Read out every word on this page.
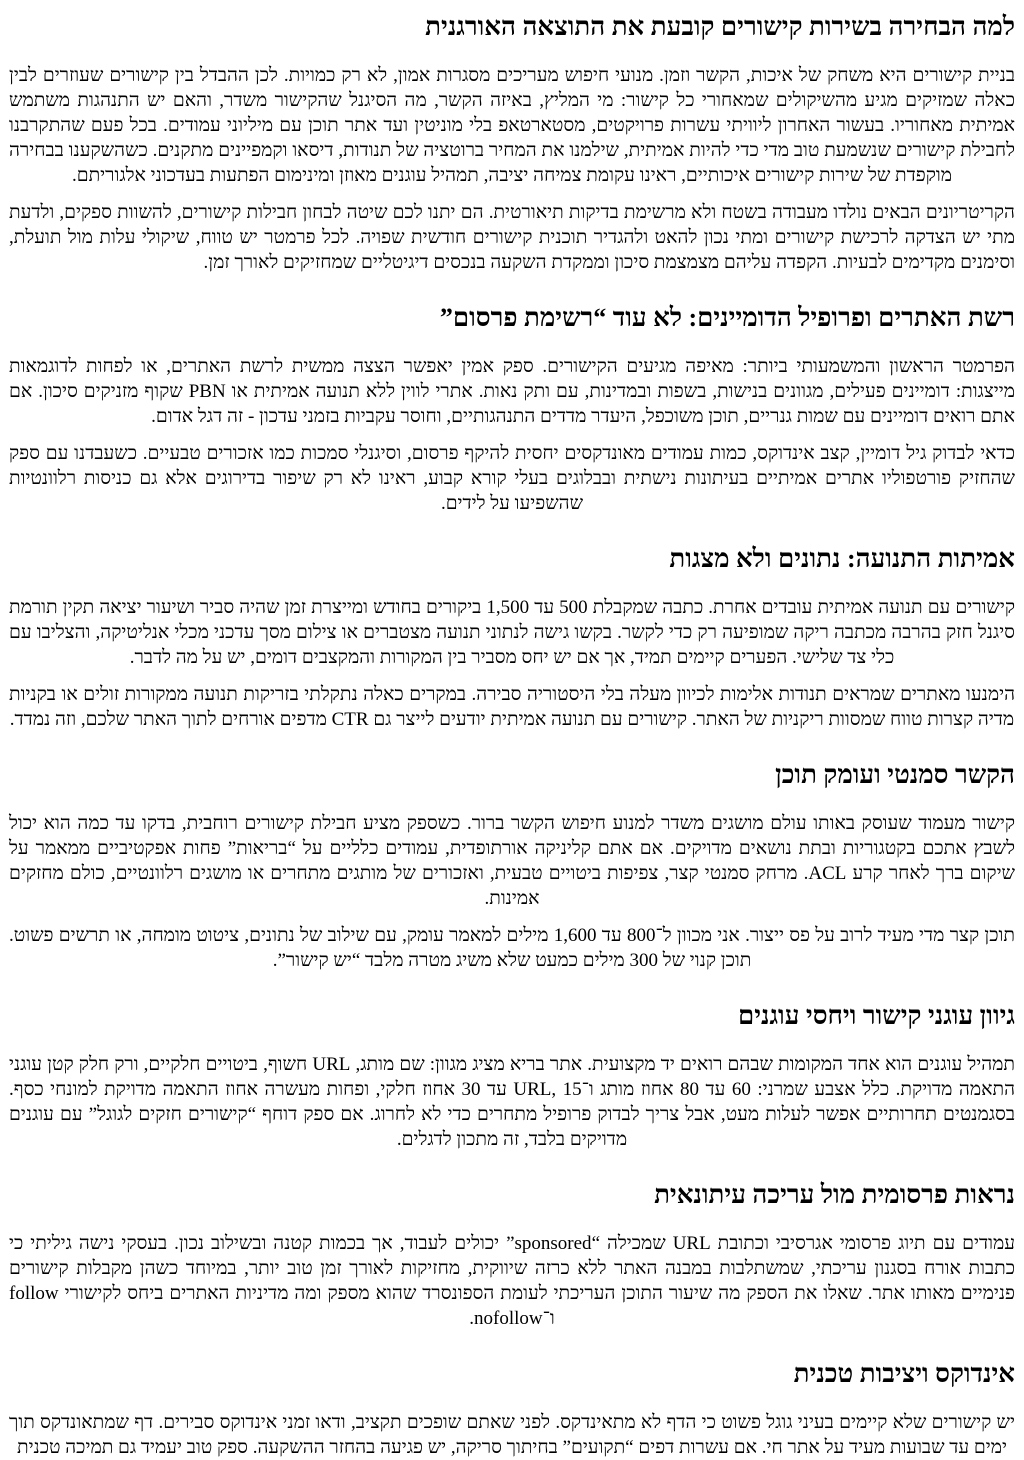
למה הבחירה בשירות קישורים קובעת את התוצאה האורגנית

בניית קישורים היא משחק של איכות, הקשר וזמן. מנועי חיפוש מעריכים מסגרות אמון, לא רק כמויות. לכן ההבדל בין קישורים שעוזרים לבין כאלה שמזיקים מגיע מהשיקולים שמאחורי כל קישור: מי המליץ, באיזה הקשר, מה הסיגנל שהקישור משדר, והאם יש התנהגות משתמש אמיתית מאחוריו. בעשור האחרון ליוויתי עשרות פרויקטים, מסטארטאפ בלי מוניטין ועד אתר תוכן עם מיליוני עמודים. בכל פעם שהתקרבנו לחבילת קישורים שנשמעת טוב מדי כדי להיות אמיתית, שילמנו את המחיר ברוטציה של תנודות, דיסאו וקמפיינים מתקנים. כשהשקענו בבחירה מוקפדת של שירות קישורים איכותיים, ראינו עקומת צמיחה יציבה, תמהיל עוגנים מאוזן ומינימום הפתעות בעדכוני אלגוריתם.

הקריטריונים הבאים נולדו מעבודה בשטח ולא מרשימת בדיקות תיאורטית. הם יתנו לכם שיטה לבחון חבילות קישורים, להשוות ספקים, ולדעת מתי יש הצדקה לרכישת קישורים ומתי נכון להאט ולהגדיר תוכנית קישורים חודשית שפויה. לכל פרמטר יש טווח, שיקולי עלות מול תועלת, וסימנים מקדימים לבעיות. הקפדה עליהם מצמצמת סיכון וממקדת השקעה בנכסים דיגיטליים שמחזיקים לאורך זמן.

רשת האתרים ופרופיל הדומיינים: לא עוד “רשימת פרסום”

הפרמטר הראשון והמשמעותי ביותר: מאיפה מגיעים הקישורים. ספק אמין יאפשר הצצה ממשית לרשת האתרים, או לפחות לדוגמאות מייצגות: דומיינים פעילים, מגוונים בנישות, בשפות ובמדינות, עם ותק נאות. אתרי לווין ללא תנועה אמיתית או PBN שקוף מזניקים סיכון. אם אתם רואים דומיינים עם שמות גנריים, תוכן משוכפל, היעדר מדדים התנהגותיים, וחוסר עקביות בזמני עדכון - זה דגל אדום.

כדאי לבדוק גיל דומיין, קצב אינדוקס, כמות עמודים מאונדקסים יחסית להיקף פרסום, וסיגנלי סמכות כמו אזכורים טבעיים. כשעבדנו עם ספק שהחזיק פורטפוליו אתרים אמיתיים בעיתונות נישתית ובבלוגים בעלי קורא קבוע, ראינו לא רק שיפור בדירוגים אלא גם כניסות רלוונטיות שהשפיעו על לידים.

אמיתות התנועה: נתונים ולא מצגות

קישורים עם תנועה אמיתית עובדים אחרת. כתבה שמקבלת 500 עד 1,500 ביקורים בחודש ומייצרת זמן שהיה סביר ושיעור יציאה תקין תורמת סיגנל חזק בהרבה מכתבה ריקה שמופיעה רק כדי לקשר. בקשו גישה לנתוני תנועה מצטברים או צילום מסך עדכני מכלי אנליטיקה, והצליבו עם כלי צד שלישי. הפערים קיימים תמיד, אך אם יש יחס מסביר בין המקורות והמקצבים דומים, יש על מה לדבר.

הימנעו מאתרים שמראים תנודות אלימות לכיוון מעלה בלי היסטוריה סבירה. במקרים כאלה נתקלתי בזריקות תנועה ממקורות זולים או בקניות מדיה קצרות טווח שמסוות ריקניות של האתר. קישורים עם תנועה אמיתית יודעים לייצר גם CTR מדפים אורחים לתוך האתר שלכם, וזה נמדד.

הקשר סמנטי ועומק תוכן

קישור מעמוד שעוסק באותו עולם מושגים משדר למנוע חיפוש הקשר ברור. כשספק מציע חבילת קישורים רוחבית, בדקו עד כמה הוא יכול לשבץ אתכם בקטגוריות ובתת נושאים מדויקים. אם אתם קליניקה אורתופדית, עמודים כלליים על “בריאות” פחות אפקטיביים ממאמר על שיקום ברך לאחר קרע ACL. מרחק סמנטי קצר, צפיפות ביטויים טבעית, ואזכורים של מותגים מתחרים או מושגים רלוונטיים, כולם מחזקים אמינות.

תוכן קצר מדי מעיד לרוב על פס ייצור. אני מכוון ל־800 עד 1,600 מילים למאמר עומק, עם שילוב של נתונים, ציטוט מומחה, או תרשים פשוט. תוכן קנוי של 300 מילים כמעט שלא משיג מטרה מלבד “יש קישור”.

גיוון עוגני קישור ויחסי עוגנים

תמהיל עוגנים הוא אחד המקומות שבהם רואים יד מקצועית. אתר בריא מציג מגוון: שם מותג, URL חשוף, ביטויים חלקיים, ורק חלק קטן עוגני התאמה מדויקת. כלל אצבע שמרני: 60 עד 80 אחוז מותג ו־URL, 15 עד 30 אחוז חלקי, ופחות מעשרה אחוז התאמה מדויקת למונחי כסף. בסגמנטים תחרותיים אפשר לעלות מעט, אבל צריך לבדוק פרופיל מתחרים כדי לא לחרוג. אם ספק דוחף “קישורים חזקים לגוגל” עם עוגנים מדויקים בלבד, זה מתכון לדגלים.

נראות פרסומית מול עריכה עיתונאית

עמודים עם תיוג פרסומי אגרסיבי וכתובת URL שמכילה “sponsored” יכולים לעבוד, אך בכמות קטנה ובשילוב נכון. בעסקי נישה גיליתי כי כתבות אורח בסגנון עריכתי, שמשתלבות במבנה האתר ללא כרזה שיווקית, מחזיקות לאורך זמן טוב יותר, במיוחד כשהן מקבלות קישורים פנימיים מאותו אתר. שאלו את הספק מה שיעור התוכן העריכתי לעומת הספונסרד שהוא מספק ומה מדיניות האתרים ביחס לקישורי follow ו־nofollow.

אינדוקס ויציבות טכנית

יש קישורים שלא קיימים בעיני גוגל פשוט כי הדף לא מתאינדקס. לפני שאתם שופכים תקציב, ודאו זמני אינדוקס סבירים. דף שמתאונדקס תוך ימים עד שבועות מעיד על אתר חי. אם עשרות דפים “תקועים” בחיתוך סריקה, יש פגיעה בהחזר ההשקעה. ספק טוב יעמיד גם תמיכה טכנית
